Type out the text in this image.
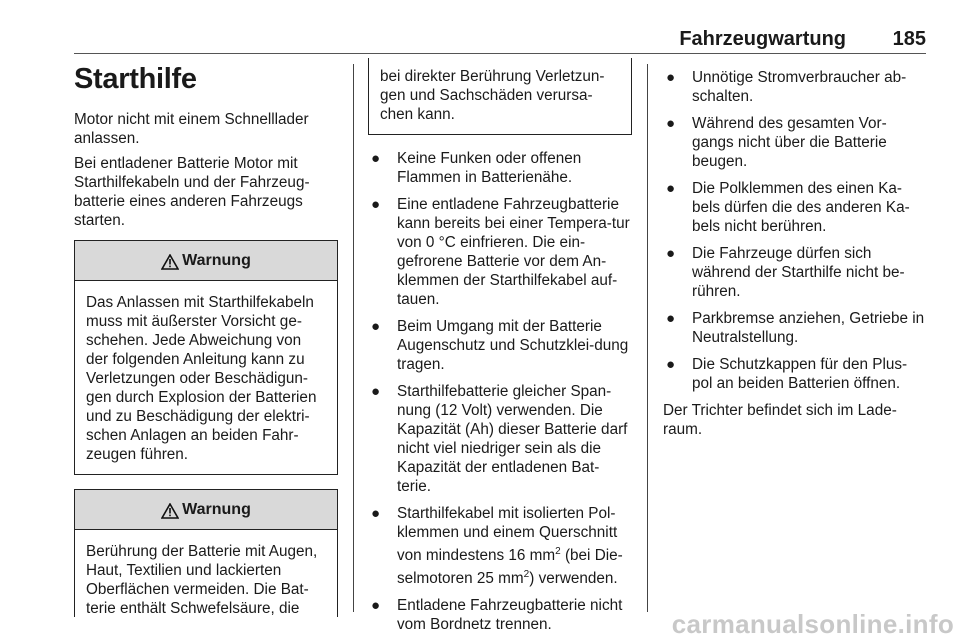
Fahrzeugwartung 185
Starthilfe

Motor nicht mit einem Schnelllader anlassen.

Bei entladener Batterie Motor mit Starthilfekabeln und der Fahrzeug-batterie eines anderen Fahrzeugs starten.

Warnung
Das Anlassen mit Starthilfekabeln muss mit äußerster Vorsicht ge-schehen. Jede Abweichung von der folgenden Anleitung kann zu Verletzungen oder Beschädigun-gen durch Explosion der Batterien und zu Beschädigung der elektri-schen Anlagen an beiden Fahr-zeugen führen.
Warnung
Berührung der Batterie mit Augen, Haut, Textilien und lackierten Oberflächen vermeiden. Die Bat-terie enthält Schwefelsäure, die
bei direkter Berührung Verletzun-gen und Sachschäden verursa-chen kann.
● Keine Funken oder offenen Flammen in Batterienähe.
● Eine entladene Fahrzeugbatterie kann bereits bei einer Tempera-tur von 0 °C einfrieren. Die ein-gefrorene Batterie vor dem An-klemmen der Starthilfekabel auf-tauen.
● Beim Umgang mit der Batterie Augenschutz und Schutzklei-dung tragen.
● Starthilfebatterie gleicher Span-nung (12 Volt) verwenden. Die Kapazität (Ah) dieser Batterie darf nicht viel niedriger sein als die Kapazität der entladenen Bat-terie.
● Starthilfekabel mit isolierten Pol-klemmen und einem Querschnitt von mindestens 16 $mm^2$ (bei Die-selmotoren 25 $mm^2$) verwenden.
● Entladene Fahrzeugbatterie nicht vom Bordnetz trennen.
● Unnötige Stromverbraucher ab-schalten.
● Während des gesamten Vor-gangs nicht über die Batterie beugen.
● Die Polklemmen des einen Ka-bels dürfen die des anderen Ka-bels nicht berühren.
● Die Fahrzeuge dürfen sich während der Starthilfe nicht be-rühren.
● Parkbremse anziehen, Getriebe in Neutralstellung.
● Die Schutzkappen für den Plus-pol an beiden Batterien öffnen.

Der Trichter befindet sich im Lade-raum.

carmanualsonline.info
